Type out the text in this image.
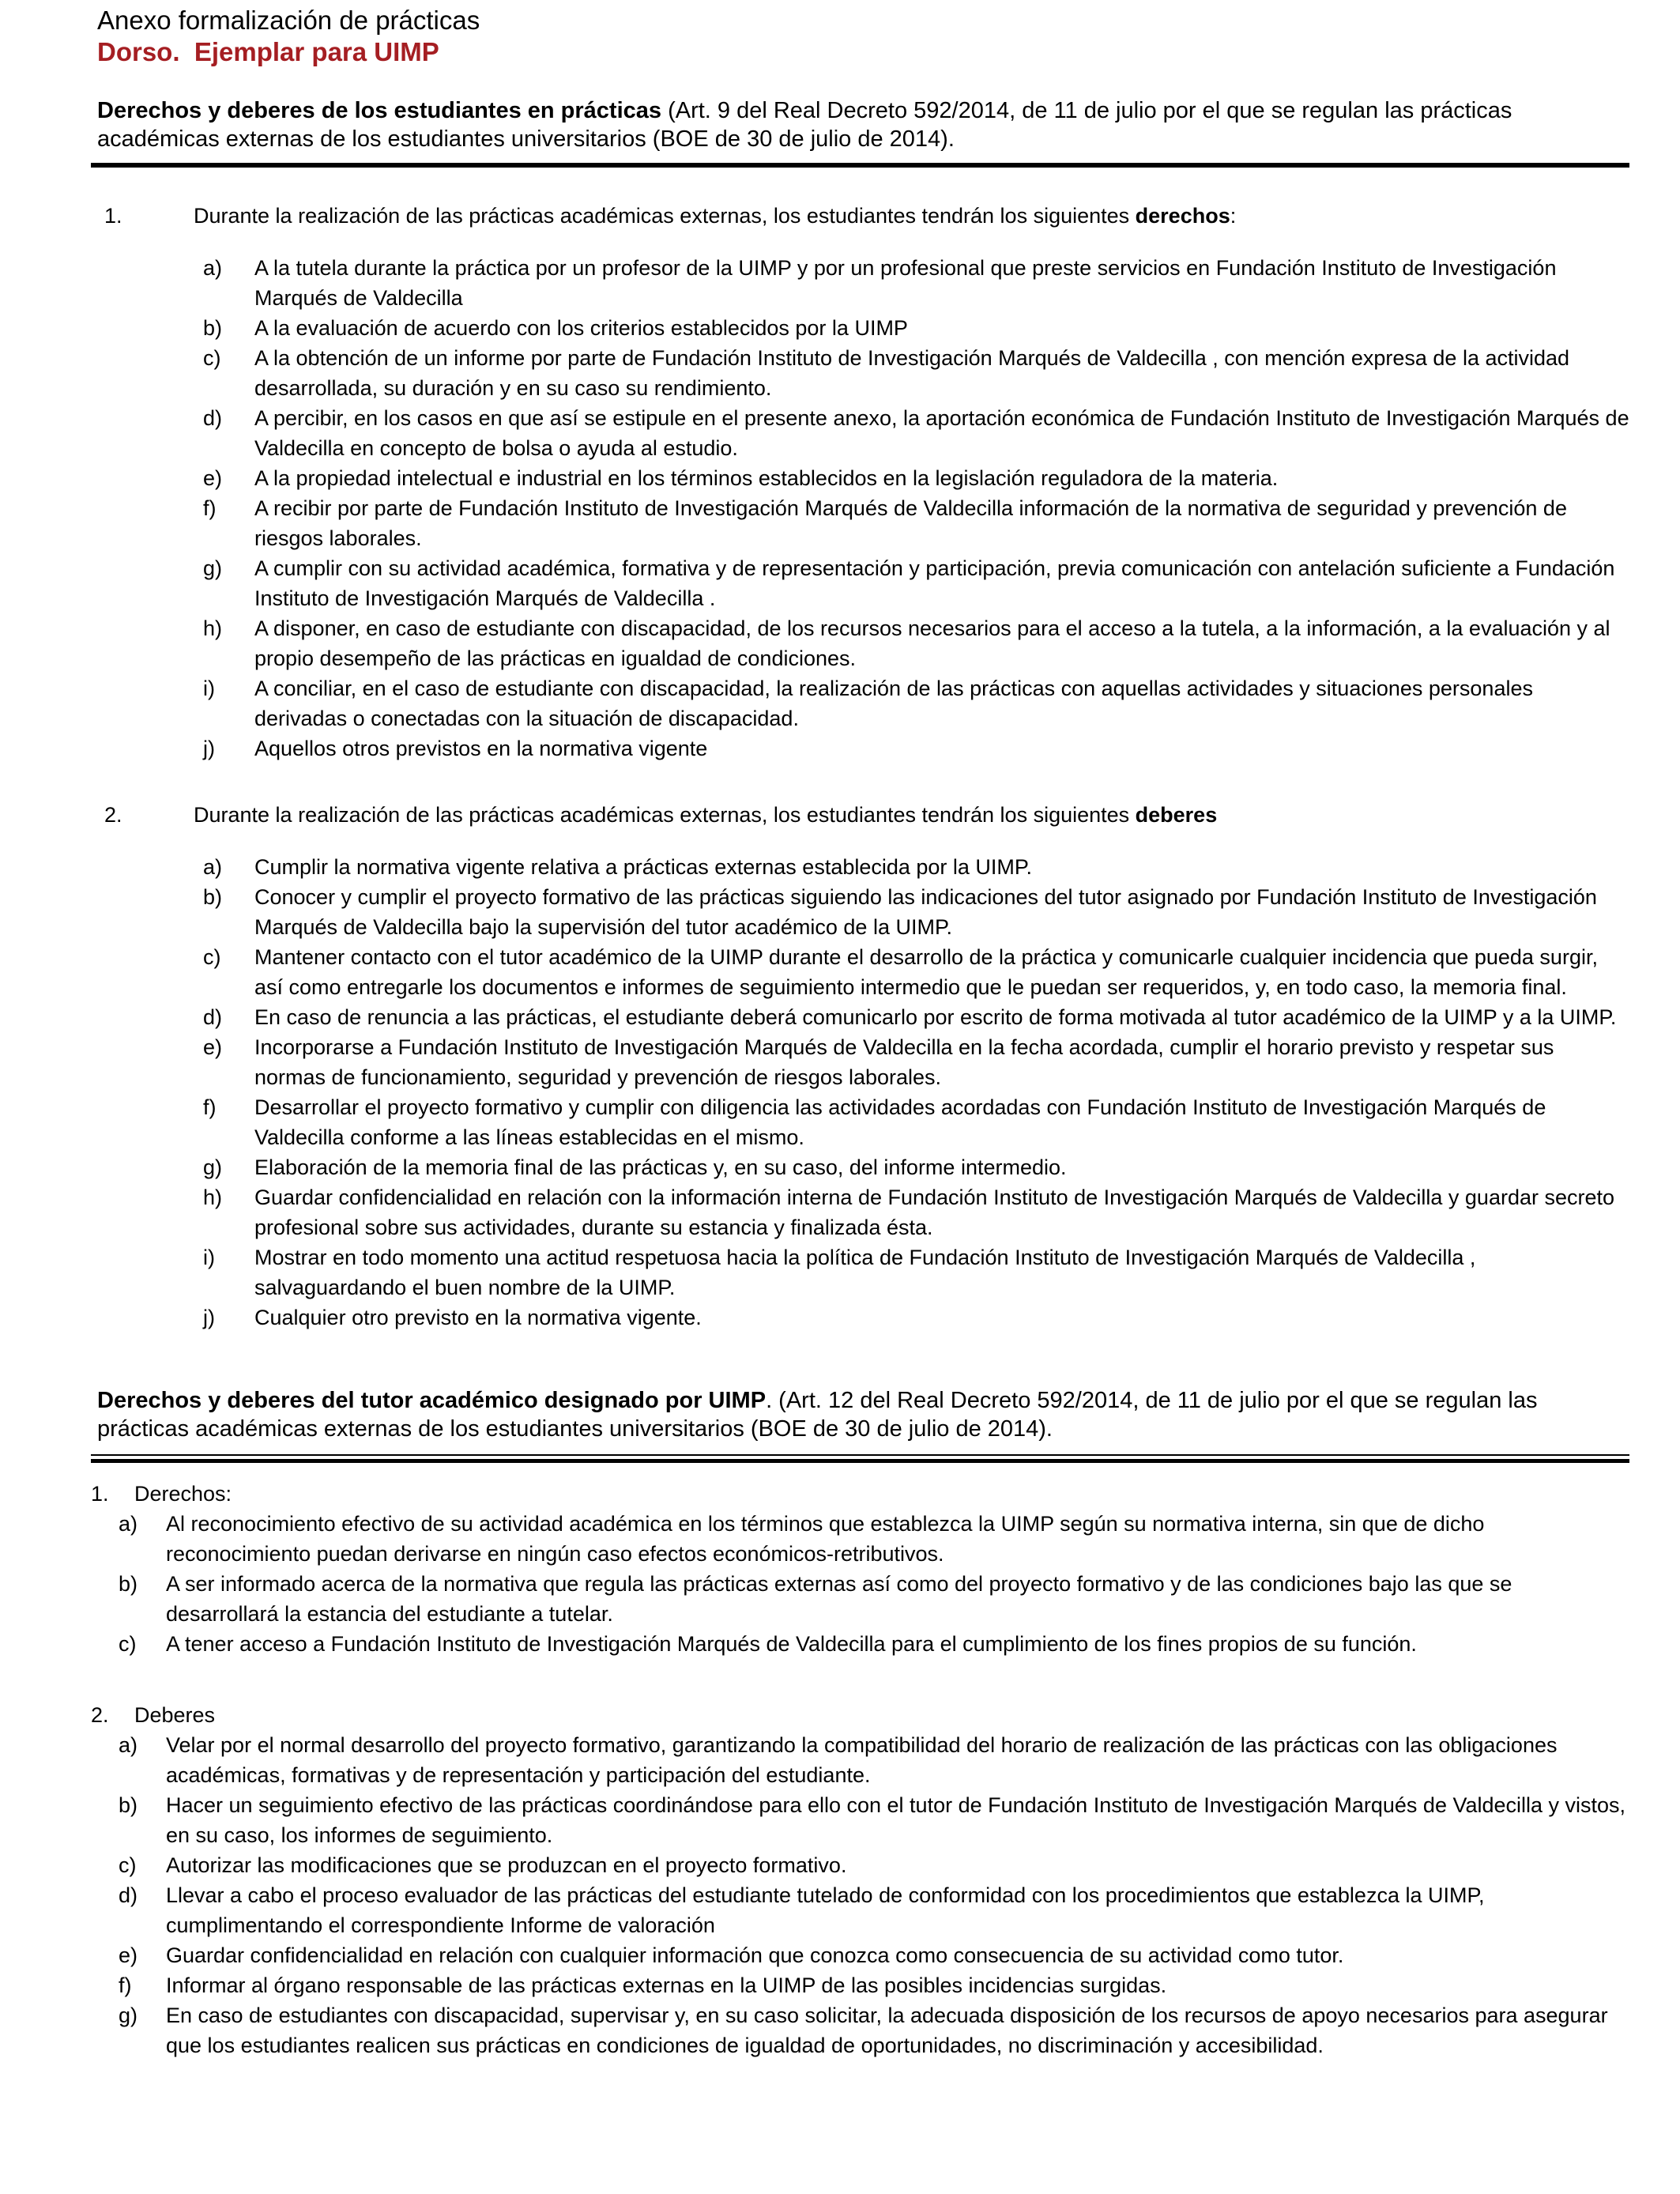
Anexo formalización de prácticas
Dorso.  Ejemplar para UIMP
Derechos y deberes de los estudiantes en prácticas (Art. 9 del Real Decreto 592/2014, de 11 de julio por el que se regulan las prácticas académicas externas de los estudiantes universitarios (BOE de 30 de julio de 2014).
1.	Durante la realización de las prácticas académicas externas, los estudiantes tendrán los siguientes derechos:
a) A la tutela durante la práctica por un profesor de la UIMP y por un profesional que preste servicios en Fundación Instituto de Investigación Marqués de Valdecilla
b) A la evaluación de acuerdo con los criterios establecidos por la UIMP
c) A la obtención de un informe por parte de Fundación Instituto de Investigación Marqués de Valdecilla , con mención expresa de la actividad desarrollada, su duración y en su caso su rendimiento.
d) A percibir, en los casos en que así se estipule en el presente anexo, la aportación económica de Fundación Instituto de Investigación Marqués de Valdecilla en concepto de bolsa o ayuda al estudio.
e) A la propiedad intelectual e industrial en los términos establecidos en la legislación reguladora de la materia.
f) A recibir por parte de Fundación Instituto de Investigación Marqués de Valdecilla información de la normativa de seguridad y prevención de riesgos laborales.
g) A cumplir con su actividad académica, formativa y de representación y participación, previa comunicación con antelación suficiente a Fundación Instituto de Investigación Marqués de Valdecilla .
h) A disponer, en caso de estudiante con discapacidad, de los recursos necesarios para el acceso a la tutela, a la información, a la evaluación y al propio desempeño de las prácticas en igualdad de condiciones.
i) A conciliar, en el caso de estudiante con discapacidad, la realización de las prácticas con aquellas actividades y situaciones personales derivadas o conectadas con la situación de discapacidad.
j) Aquellos otros previstos en la normativa vigente
2.	Durante la realización de las prácticas académicas externas, los estudiantes tendrán los siguientes deberes
a) Cumplir la normativa vigente relativa a prácticas externas establecida por la UIMP.
b) Conocer y cumplir el proyecto formativo de las prácticas siguiendo las indicaciones del tutor asignado por Fundación Instituto de Investigación Marqués de Valdecilla bajo la supervisión del tutor académico de la UIMP.
c) Mantener contacto con el tutor académico de la UIMP durante el desarrollo de la práctica y comunicarle cualquier incidencia que pueda surgir, así como entregarle los documentos e informes de seguimiento intermedio que le puedan ser requeridos, y, en todo caso, la memoria final.
d) En caso de renuncia a las prácticas, el estudiante deberá comunicarlo por escrito de forma motivada al tutor académico de la UIMP y a la UIMP.
e) Incorporarse a Fundación Instituto de Investigación Marqués de Valdecilla en la fecha acordada, cumplir el horario previsto y respetar sus normas de funcionamiento, seguridad y prevención de riesgos laborales.
f) Desarrollar el proyecto formativo y cumplir con diligencia las actividades acordadas con Fundación Instituto de Investigación Marqués de Valdecilla conforme a las líneas establecidas en el mismo.
g) Elaboración de la memoria final de las prácticas y, en su caso, del informe intermedio.
h) Guardar confidencialidad en relación con la información interna de Fundación Instituto de Investigación Marqués de Valdecilla y guardar secreto profesional sobre sus actividades, durante su estancia y finalizada ésta.
i) Mostrar en todo momento una actitud respetuosa hacia la política de Fundación Instituto de Investigación Marqués de Valdecilla , salvaguardando el buen nombre de la UIMP.
j) Cualquier otro previsto en la normativa vigente.
Derechos y deberes del tutor académico designado por UIMP. (Art. 12 del Real Decreto 592/2014, de 11 de julio por el que se regulan las prácticas académicas externas de los estudiantes universitarios (BOE de 30 de julio de 2014).
1. Derechos:
a) Al reconocimiento efectivo de su actividad académica en los términos que establezca la UIMP según su normativa interna, sin que de dicho reconocimiento puedan derivarse en ningún caso efectos económicos-retributivos.
b) A ser informado acerca de la normativa que regula las prácticas externas así como del proyecto formativo y de las condiciones bajo las que se desarrollará la estancia del estudiante a tutelar.
c) A tener acceso a Fundación Instituto de Investigación Marqués de Valdecilla para el cumplimiento de los fines propios de su función.
2. Deberes
a) Velar por el normal desarrollo del proyecto formativo, garantizando la compatibilidad del horario de realización de las prácticas con las obligaciones académicas, formativas y de representación y participación del estudiante.
b) Hacer un seguimiento efectivo de las prácticas coordinándose para ello con el tutor de Fundación Instituto de Investigación Marqués de Valdecilla y vistos, en su caso, los informes de seguimiento.
c) Autorizar las modificaciones que se produzcan en el proyecto formativo.
d) Llevar a cabo el proceso evaluador de las prácticas del estudiante tutelado de conformidad con los procedimientos que establezca la UIMP, cumplimentando el correspondiente Informe de valoración
e) Guardar confidencialidad en relación con cualquier información que conozca como consecuencia de su actividad como tutor.
f) Informar al órgano responsable de las prácticas externas en la UIMP de las posibles incidencias surgidas.
g) En caso de estudiantes con discapacidad, supervisar y, en su caso solicitar, la adecuada disposición de los recursos de apoyo necesarios para asegurar que los estudiantes realicen sus prácticas en condiciones de igualdad de oportunidades, no discriminación y accesibilidad.
